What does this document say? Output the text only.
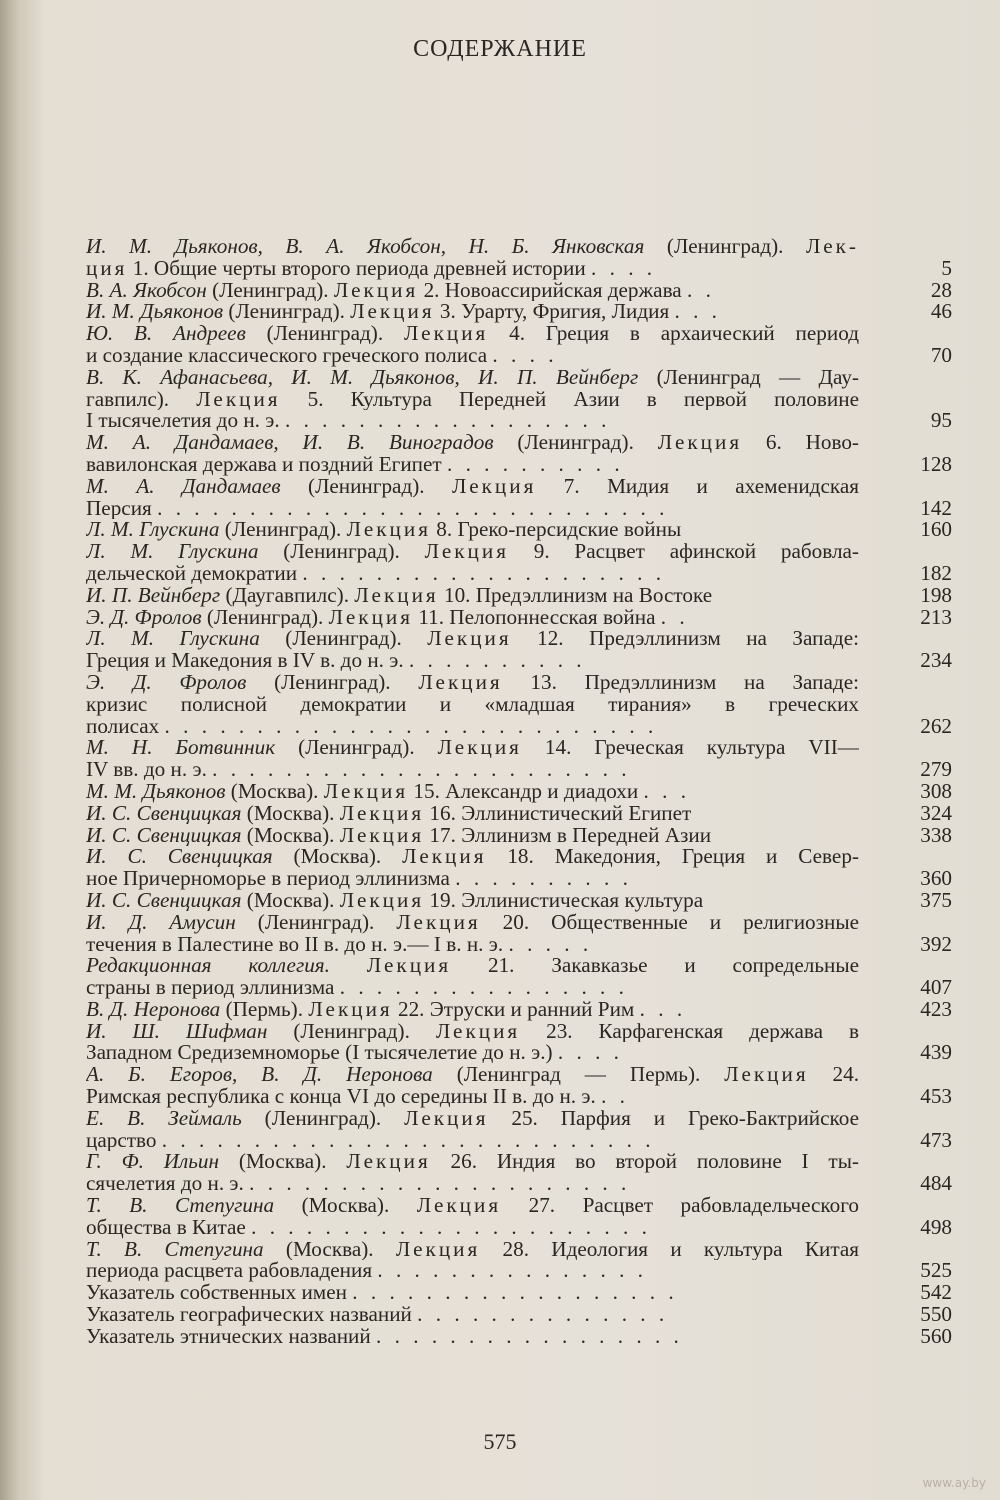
СОДЕРЖАНИЕ
И. М. Дьяконов, В. А. Якобсон, Н. Б. Янковская (Ленинград). Лек-
ция 1. Общие черты второго периода древней истории . . . .	5
В. А. Якобсон (Ленинград). Лекция 2. Новоассирийская держава . .	28
И. М. Дьяконов (Ленинград). Лекция 3. Урарту, Фригия, Лидия . . .	46
Ю. В. Андреев (Ленинград). Лекция 4. Греция в архаический период
и создание классического греческого полиса . . . .	70
В. К. Афанасьева, И. М. Дьяконов, И. П. Вейнберг (Ленинград — Дау-
гавпилс). Лекция 5. Культура Передней Азии в первой половине
I тысячелетия до н. э. . . . . . . . . . . . . . . . . . .	95
М. А. Дандамаев, И. В. Виноградов (Ленинград). Лекция 6. Ново-
вавилонская держава и поздний Египет . . . . . . . . . .	128
М. А. Дандамаев (Ленинград). Лекция 7. Мидия и ахеменидская
Персия . . . . . . . . . . . . . . . . . . . . . . . . . . . .	142
Л. М. Глускина (Ленинград). Лекция 8. Греко-персидские войны	160
Л. М. Глускина (Ленинград). Лекция 9. Расцвет афинской рабовла-
дельческой демократии . . . . . . . . . . . . . . . . . . . .	182
И. П. Вейнберг (Даугавпилс). Лекция 10. Предэллинизм на Востоке	198
Э. Д. Фролов (Ленинград). Лекция 11. Пелопоннесская война . .	213
Л. М. Глускина (Ленинград). Лекция 12. Предэллинизм на Западе:
Греция и Македония в IV в. до н. э. . . . . . . . . . .	234
Э. Д. Фролов (Ленинград). Лекция 13. Предэллинизм на Западе:
кризис полисной демократии и «младшая тирания» в греческих
полисах . . . . . . . . . . . . . . . . . . . . . . . . . . .	262
М. Н. Ботвинник (Ленинград). Лекция 14. Греческая культура VII—
IV вв. до н. э. . . . . . . . . . . . . . . . . . . . . . . .	279
М. М. Дьяконов (Москва). Лекция 15. Александр и диадохи . . .	308
И. С. Свенцицкая (Москва). Лекция 16. Эллинистический Египет	324
И. С. Свенцицкая (Москва). Лекция 17. Эллинизм в Передней Азии	338
И. С. Свенцицкая (Москва). Лекция 18. Македония, Греция и Север-
ное Причерноморье в период эллинизма . . . . . . . . . .	360
И. С. Свенцицкая (Москва). Лекция 19. Эллинистическая культура	375
И. Д. Амусин (Ленинград). Лекция 20. Общественные и религиозные
течения в Палестине во II в. до н. э.— I в. н. э. . . . . .	392
Редакционная коллегия. Лекция 21. Закавказье и сопредельные
страны в период эллинизма . . . . . . . . . . . . . . . .	407
В. Д. Неронова (Пермь). Лекция 22. Этруски и ранний Рим . . .	423
И. Ш. Шифман (Ленинград). Лекция 23. Карфагенская держава в
Западном Средиземноморье (I тысячелетие до н. э.) . . . .	439
А. Б. Егоров, В. Д. Неронова (Ленинград — Пермь). Лекция 24.
Римская республика с конца VI до середины II в. до н. э. . .	453
Е. В. Зеймаль (Ленинград). Лекция 25. Парфия и Греко-Бактрийское
царство . . . . . . . . . . . . . . . . . . . . . . . . . . .	473
Г. Ф. Ильин (Москва). Лекция 26. Индия во второй половине I ты-
сячелетия до н. э. . . . . . . . . . . . . . . . . . . . . .	484
Т. В. Степугина (Москва). Лекция 27. Расцвет рабовладельческого
общества в Китае . . . . . . . . . . . . . . . . . . . . . .	498
Т. В. Степугина (Москва). Лекция 28. Идеология и культура Китая
периода расцвета рабовладения . . . . . . . . . . . . . . .	525
Указатель собственных имен . . . . . . . . . . . . . . . . . .	542
Указатель географических названий . . . . . . . . . . . . . .	550
Указатель этнических названий . . . . . . . . . . . . . . . . .	560
575
www.ay.by
